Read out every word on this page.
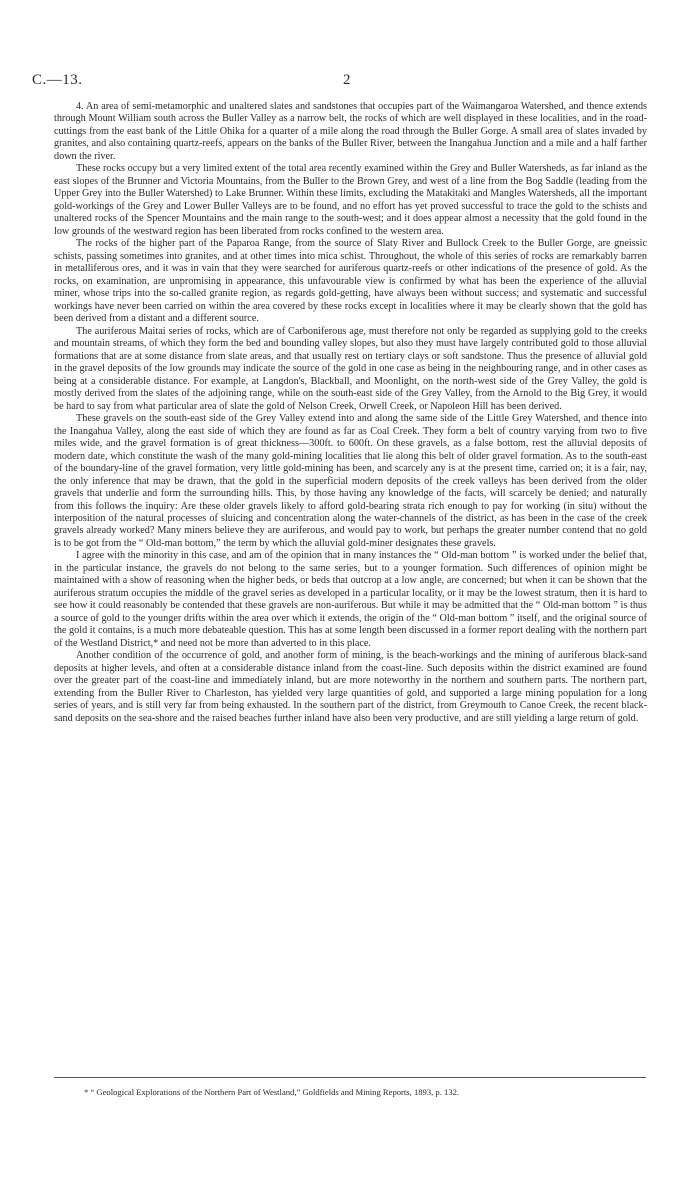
C.—13.	2

4. An area of semi-metamorphic and unaltered slates and sandstones that occupies part of the Waimangaroa Watershed, and thence extends through Mount William south across the Buller Valley as a narrow belt, the rocks of which are well displayed in these localities, and in the road-cuttings from the east bank of the Little Ohika for a quarter of a mile along the road through the Buller Gorge. A small area of slates invaded by granites, and also containing quartz-reefs, appears on the banks of the Buller River, between the Inangahua Junction and a mile and a half farther down the river.

These rocks occupy but a very limited extent of the total area recently examined within the Grey and Buller Watersheds, as far inland as the east slopes of the Brunner and Victoria Mountains, from the Buller to the Brown Grey, and west of a line from the Bog Saddle (leading from the Upper Grey into the Buller Watershed) to Lake Brunner. Within these limits, excluding the Matakitaki and Mangles Watersheds, all the important gold-workings of the Grey and Lower Buller Valleys are to be found, and no effort has yet proved successful to trace the gold to the schists and unaltered rocks of the Spencer Mountains and the main range to the south-west; and it does appear almost a necessity that the gold found in the low grounds of the westward region has been liberated from rocks confined to the western area.

The rocks of the higher part of the Paparoa Range, from the source of Slaty River and Bullock Creek to the Buller Gorge, are gneissic schists, passing sometimes into granites, and at other times into mica schist. Throughout, the whole of this series of rocks are remarkably barren in metalliferous ores, and it was in vain that they were searched for auriferous quartz-reefs or other indications of the presence of gold. As the rocks, on examination, are unpromising in appearance, this unfavourable view is confirmed by what has been the experience of the alluvial miner, whose trips into the so-called granite region, as regards gold-getting, have always been without success; and systematic and successful workings have never been carried on within the area covered by these rocks except in localities where it may be clearly shown that the gold has been derived from a distant and a different source.

The auriferous Maitai series of rocks, which are of Carboniferous age, must therefore not only be regarded as supplying gold to the creeks and mountain streams, of which they form the bed and bounding valley slopes, but also they must have largely contributed gold to those alluvial formations that are at some distance from slate areas, and that usually rest on tertiary clays or soft sandstone. Thus the presence of alluvial gold in the gravel deposits of the low grounds may indicate the source of the gold in one case as being in the neighbouring range, and in other cases as being at a considerable distance. For example, at Langdon's, Blackball, and Moonlight, on the north-west side of the Grey Valley, the gold is mostly derived from the slates of the adjoining range, while on the south-east side of the Grey Valley, from the Arnold to the Big Grey, it would be hard to say from what particular area of slate the gold of Nelson Creek, Orwell Creek, or Napoleon Hill has been derived.

These gravels on the south-east side of the Grey Valley extend into and along the same side of the Little Grey Watershed, and thence into the Inangahua Valley, along the east side of which they are found as far as Coal Creek. They form a belt of country varying from two to five miles wide, and the gravel formation is of great thickness—300ft. to 600ft. On these gravels, as a false bottom, rest the alluvial deposits of modern date, which constitute the wash of the many gold-mining localities that lie along this belt of older gravel formation. As to the south-east of the boundary-line of the gravel formation, very little gold-mining has been, and scarcely any is at the present time, carried on; it is a fair, nay, the only inference that may be drawn, that the gold in the superficial modern deposits of the creek valleys has been derived from the older gravels that underlie and form the surrounding hills. This, by those having any knowledge of the facts, will scarcely be denied; and naturally from this follows the inquiry: Are these older gravels likely to afford gold-bearing strata rich enough to pay for working (in situ) without the interposition of the natural processes of sluicing and concentration along the water-channels of the district, as has been in the case of the creek gravels already worked? Many miners believe they are auriferous, and would pay to work, but perhaps the greater number contend that no gold is to be got from the “ Old-man bottom,” the term by which the alluvial gold-miner designates these gravels.

I agree with the minority in this case, and am of the opinion that in many instances the “ Old-man bottom ” is worked under the belief that, in the particular instance, the gravels do not belong to the same series, but to a younger formation. Such differences of opinion might be maintained with a show of reasoning when the higher beds, or beds that outcrop at a low angle, are concerned; but when it can be shown that the auriferous stratum occupies the middle of the gravel series as developed in a particular locality, or it may be the lowest stratum, then it is hard to see how it could reasonably be contended that these gravels are non-auriferous. But while it may be admitted that the “ Old-man bottom ” is thus a source of gold to the younger drifts within the area over which it extends, the origin of the “ Old-man bottom ” itself, and the original source of the gold it contains, is a much more debateable question. This has at some length been discussed in a former report dealing with the northern part of the Westland District,* and need not be more than adverted to in this place.

Another condition of the occurrence of gold, and another form of mining, is the beach-workings and the mining of auriferous black-sand deposits at higher levels, and often at a considerable distance inland from the coast-line. Such deposits within the district examined are found over the greater part of the coast-line and immediately inland, but are more noteworthy in the northern and southern parts. The northern part, extending from the Buller River to Charleston, has yielded very large quantities of gold, and supported a large mining population for a long series of years, and is still very far from being exhausted. In the southern part of the district, from Greymouth to Canoe Creek, the recent black-sand deposits on the sea-shore and the raised beaches further inland have also been very productive, and are still yielding a large return of gold.

* “ Geological Explorations of the Northern Part of Westland,” Goldfields and Mining Reports, 1893, p. 132.
